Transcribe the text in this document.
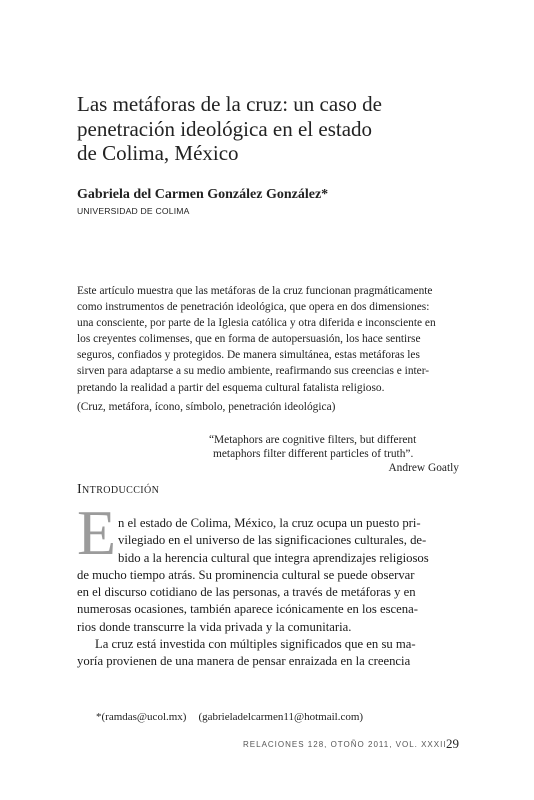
Las metáforas de la cruz: un caso de
penetración ideológica en el estado
de Colima, México
Gabriela del Carmen González González*
UNIVERSIDAD DE COLIMA
Este artículo muestra que las metáforas de la cruz funcionan pragmáticamente
como instrumentos de penetración ideológica, que opera en dos dimensiones:
una consciente, por parte de la Iglesia católica y otra diferida e inconsciente en
los creyentes colimenses, que en forma de autopersuasión, los hace sentirse
seguros, confiados y protegidos. De manera simultánea, estas metáforas les
sirven para adaptarse a su medio ambiente, reafirmando sus creencias e inter-
pretando la realidad a partir del esquema cultural fatalista religioso.
(Cruz, metáfora, ícono, símbolo, penetración ideológica)
“Metaphors are cognitive filters, but different
metaphors filter different particles of truth”.
Andrew Goatly
Introducción
E n el estado de Colima, México, la cruz ocupa un puesto pri-
vilegiado en el universo de las significaciones culturales, de-
bido a la herencia cultural que integra aprendizajes religiosos
de mucho tiempo atrás. Su prominencia cultural se puede observar
en el discurso cotidiano de las personas, a través de metáforas y en
numerosas ocasiones, también aparece icónicamente en los escena-
rios donde transcurre la vida privada y la comunitaria.
La cruz está investida con múltiples significados que en su ma-
yoría provienen de una manera de pensar enraizada en la creencia
*(ramdas@ucol.mx) (gabrieladelcarmen11@hotmail.com)
RELACIONES 128, OTOÑO 2011, VOL. XXXII 29
